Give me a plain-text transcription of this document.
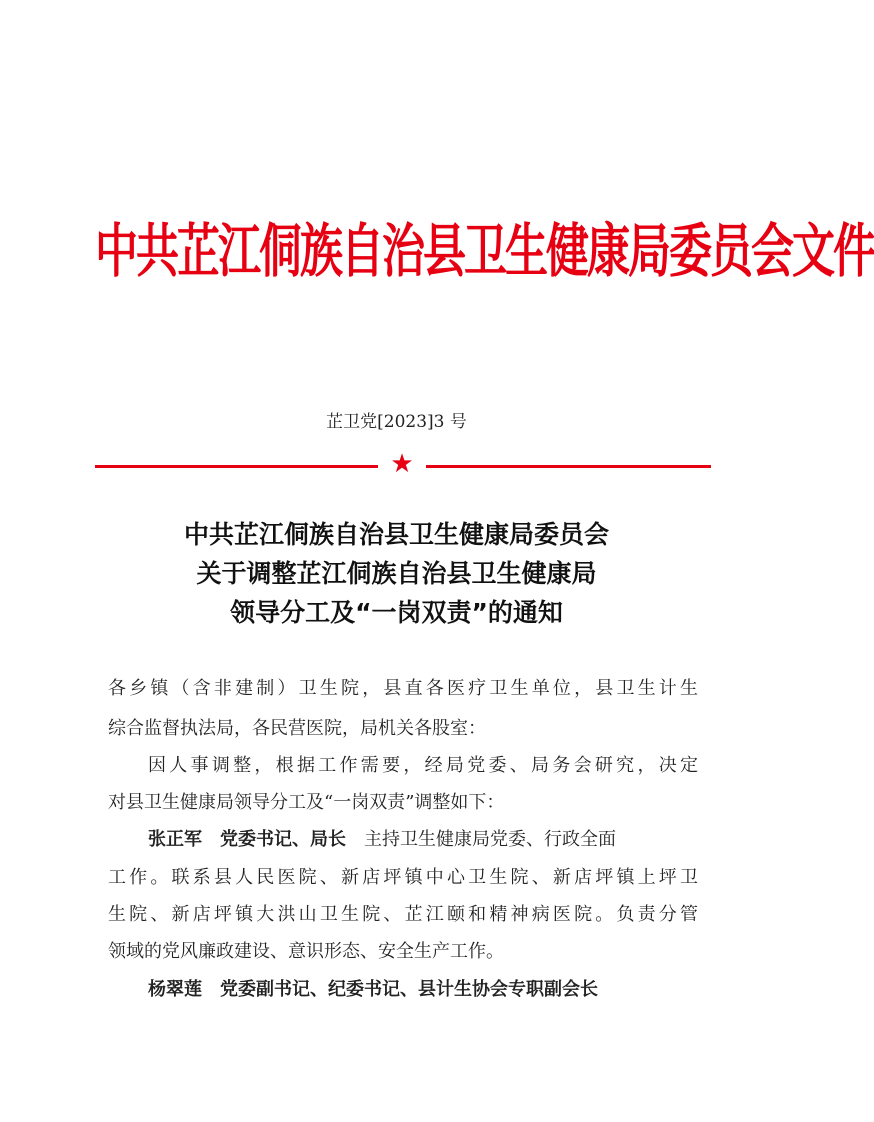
中共芷江侗族自治县卫生健康局委员会文件
芷卫党[2023]3 号
★
中共芷江侗族自治县卫生健康局委员会
关于调整芷江侗族自治县卫生健康局
领导分工及“一岗双责”的通知
各乡镇（含非建制）卫生院，县直各医疗卫生单位，县卫生计生
综合监督执法局，各民营医院，局机关各股室：
因人事调整，根据工作需要，经局党委、局务会研究，决定
对县卫生健康局领导分工及“一岗双责”调整如下：
张正军　党委书记、局长　主持卫生健康局党委、行政全面
工作。联系县人民医院、新店坪镇中心卫生院、新店坪镇上坪卫
生院、新店坪镇大洪山卫生院、芷江颐和精神病医院。负责分管
领域的党风廉政建设、意识形态、安全生产工作。
杨翠莲　党委副书记、纪委书记、县计生协会专职副会长
